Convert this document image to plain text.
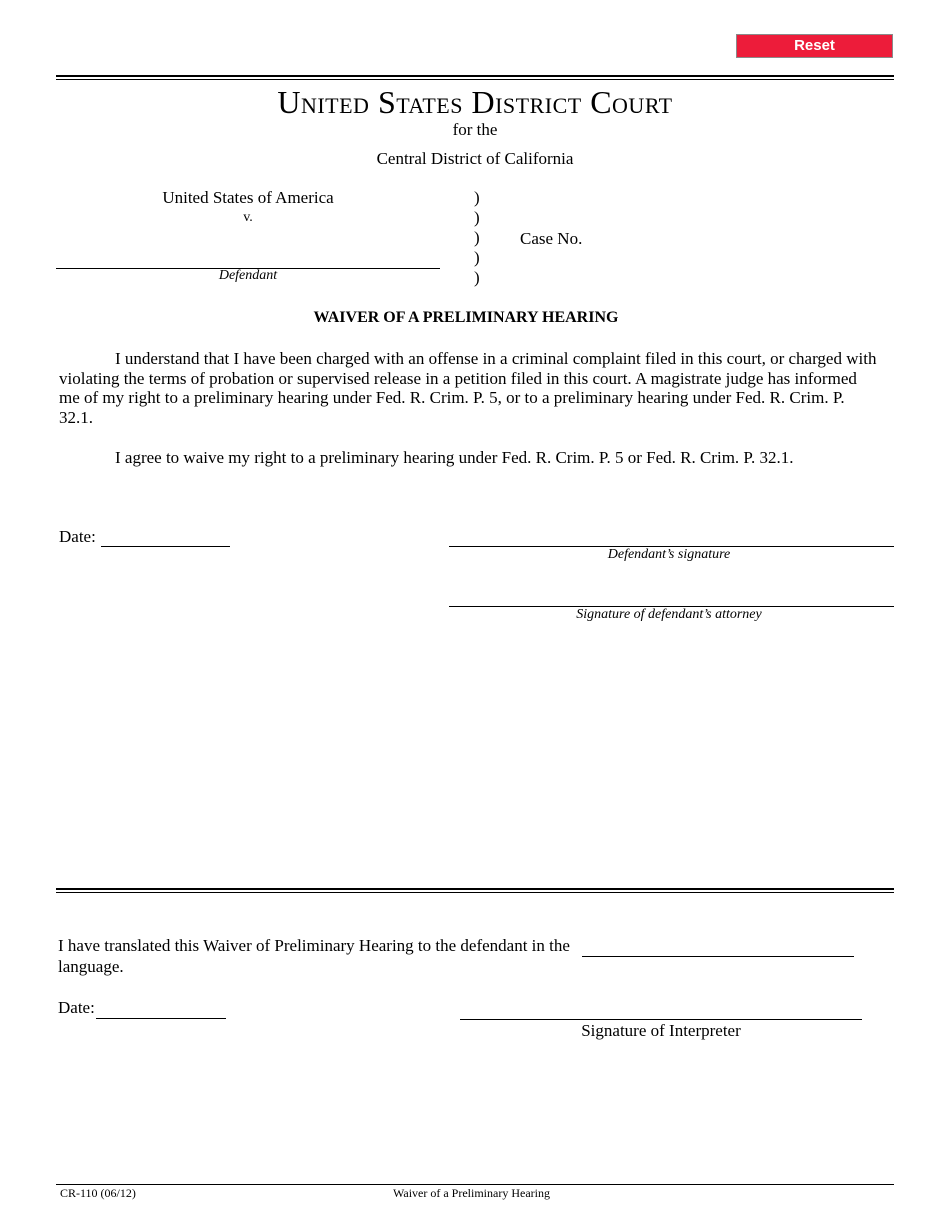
Reset
United States District Court
for the
Central District of California
United States of America
v.
Defendant
)
)
)
)
)
Case No.
WAIVER OF A PRELIMINARY HEARING
I understand that I have been charged with an offense in a criminal complaint filed in this court, or charged with
violating the terms of probation or supervised release in a petition filed in this court. A magistrate judge has informed
me of my right to a preliminary hearing under Fed. R. Crim. P. 5, or to a preliminary hearing under Fed. R. Crim. P.
32.1.
I agree to waive my right to a preliminary hearing under Fed. R. Crim. P. 5 or Fed. R. Crim. P. 32.1.
Date:
Defendant’s signature
Signature of defendant’s attorney
I have translated this Waiver of Preliminary Hearing to the defendant in the
language.
Date:
Signature of Interpreter
CR-110 (06/12)	Waiver of a Preliminary Hearing
